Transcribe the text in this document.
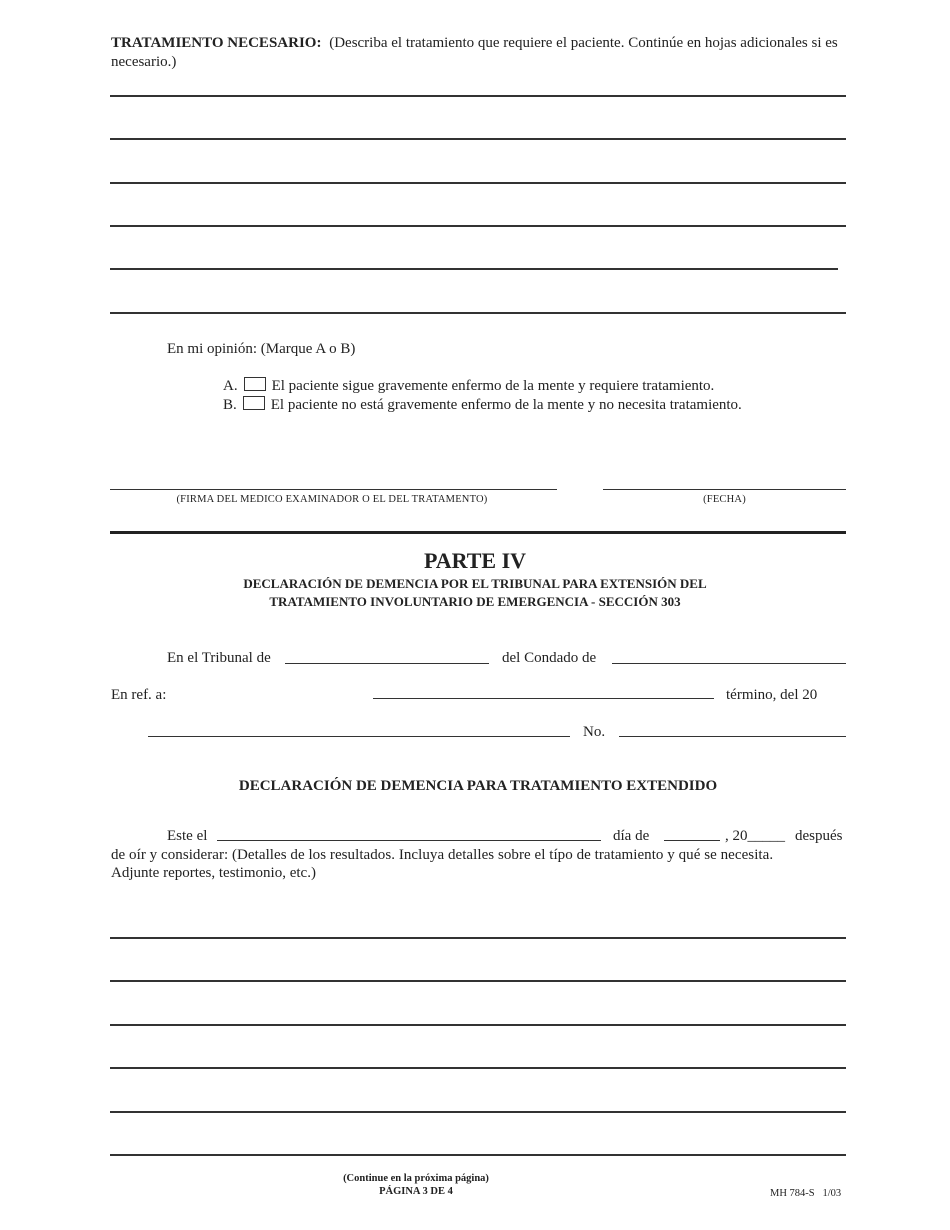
TRATAMIENTO NECESARIO: (Describa el tratamiento que requiere el paciente. Continúe en hojas adicionales si es necesario.)
En mi opinión: (Marque A o B)
A. El paciente sigue gravemente enfermo de la mente y requiere tratamiento.
B. El paciente no está gravemente enfermo de la mente y no necesita tratamiento.
(FIRMA DEL MEDICO EXAMINADOR O EL DEL TRATAMENTO)	(FECHA)
PARTE IV
DECLARACIÓN DE DEMENCIA POR EL TRIBUNAL PARA EXTENSIÓN DEL
TRATAMIENTO INVOLUNTARIO DE EMERGENCIA - SECCIÓN 303
En el Tribunal de	del Condado de
En ref. a:	término, del 20
No.
DECLARACIÓN DE DEMENCIA PARA TRATAMIENTO EXTENDIDO
Este el	día de	, 20_____ después
de oír y considerar: (Detalles de los resultados. Incluya detalles sobre el típo de tratamiento y qué se necesita.
Adjunte reportes, testimonio, etc.)
(Continue en la próxima página)
PÁGINA 3 DE 4	MH 784-S   1/03
